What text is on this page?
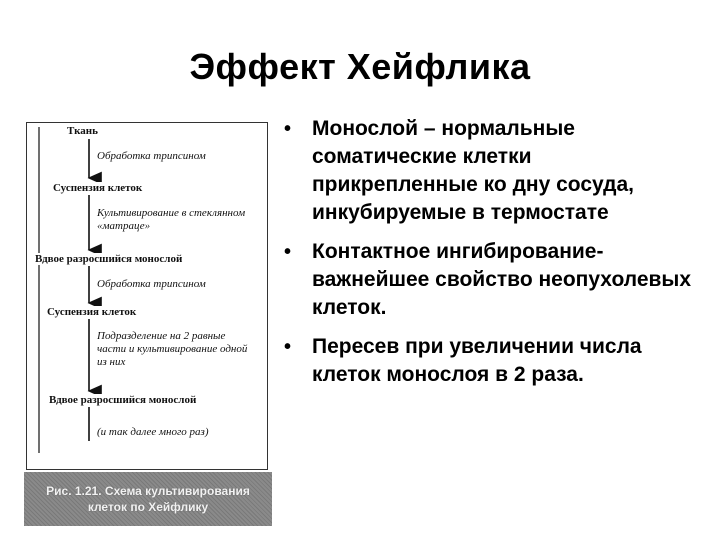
Эффект Хейфлика
Ткань
Обработка трипсином
Суспензия клеток
Культивирование в стеклянном «матраце»
Вдвое разросшийся монослой
Обработка трипсином
Суспензия клеток
Подразделение на 2 равные части и культивирование одной из них
Вдвое разросшийся монослой
(и так далее много раз)
Рис. 1.21. Схема культивирования
клеток по Хейфлику
• Монослой – нормальные соматические клетки прикрепленные ко дну сосуда, инкубируемые в термостате
• Контактное ингибирование- важнейшее свойство неопухолевых клеток.
• Пересев при увеличении числа клеток монослоя в 2 раза.
